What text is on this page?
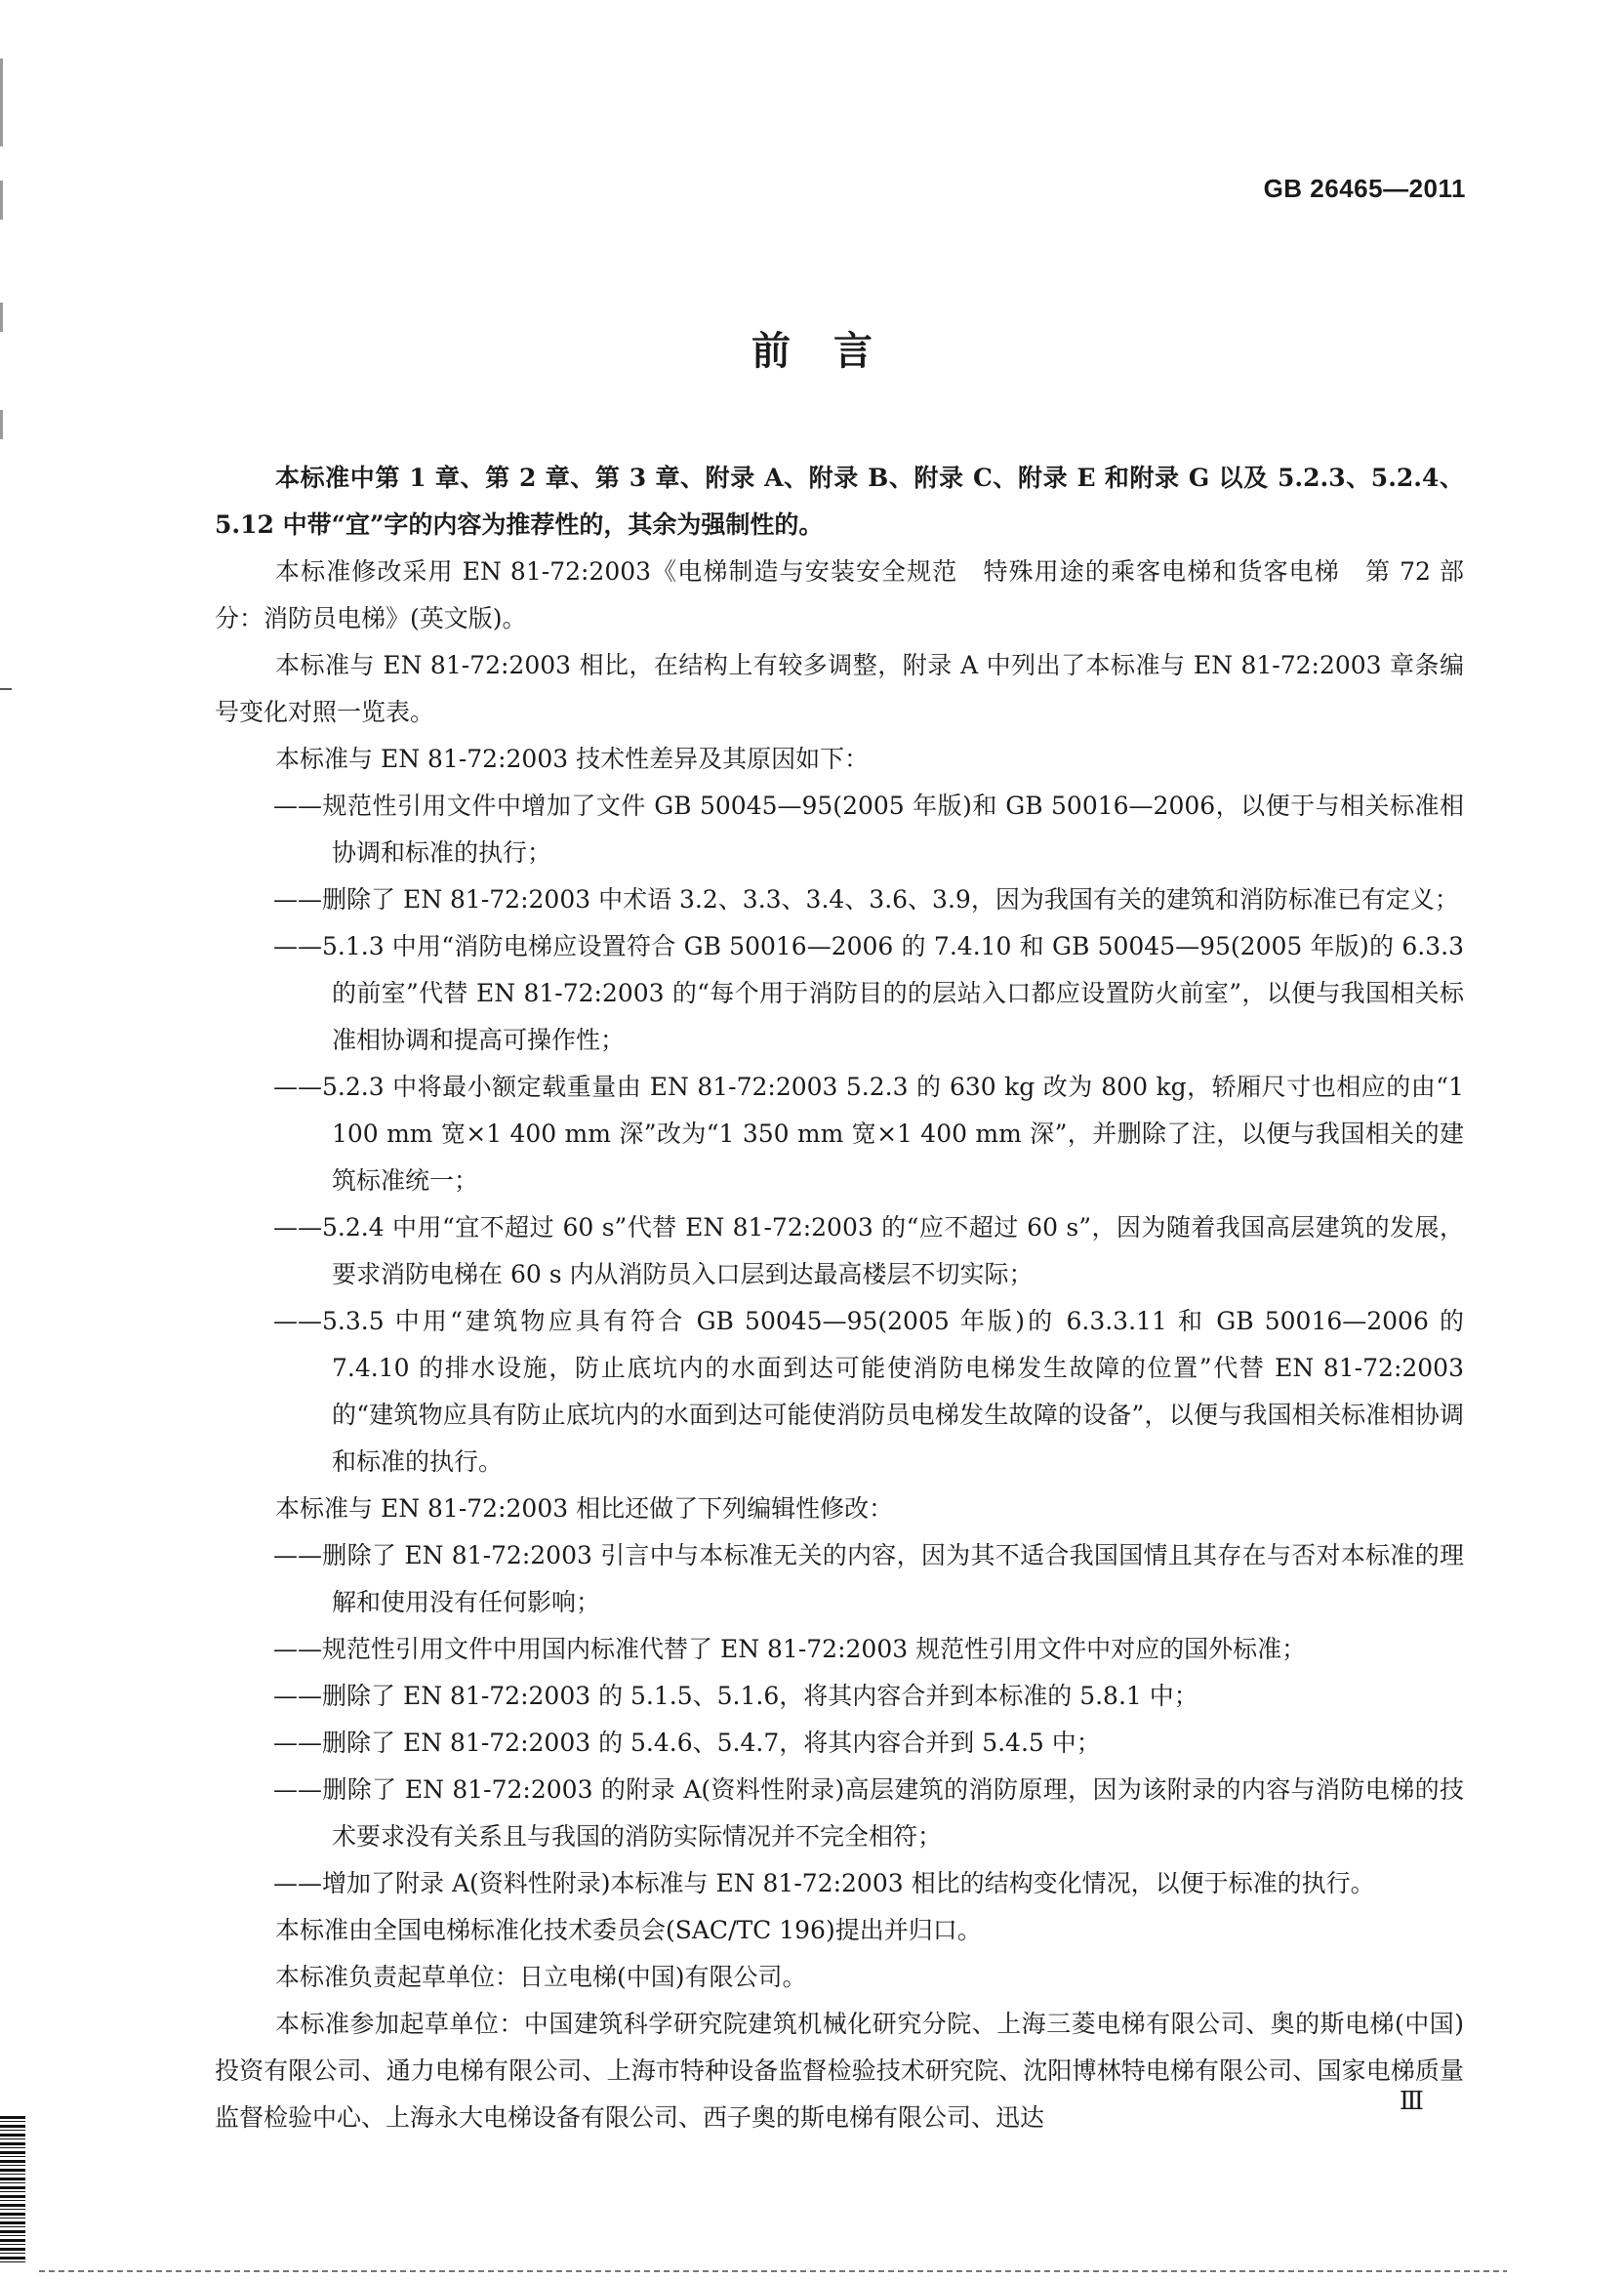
GB 26465—2011
前言

本标准中第 1 章、第 2 章、第 3 章、附录 A、附录 B、附录 C、附录 E 和附录 G 以及 5.2.3、5.2.4、5.12 中带“宜”字的内容为推荐性的，其余为强制性的。

本标准修改采用 EN 81-72:2003《电梯制造与安装安全规范　特殊用途的乘客电梯和货客电梯　第 72 部分：消防员电梯》(英文版)。

本标准与 EN 81-72:2003 相比，在结构上有较多调整，附录 A 中列出了本标准与 EN 81-72:2003 章条编号变化对照一览表。

本标准与 EN 81-72:2003 技术性差异及其原因如下：

——规范性引用文件中增加了文件 GB 50045—95(2005 年版)和 GB 50016—2006，以便于与相关标准相协调和标准的执行；

——删除了 EN 81-72:2003 中术语 3.2、3.3、3.4、3.6、3.9，因为我国有关的建筑和消防标准已有定义；

——5.1.3 中用“消防电梯应设置符合 GB 50016—2006 的 7.4.10 和 GB 50045—95(2005 年版)的 6.3.3 的前室”代替 EN 81-72:2003 的“每个用于消防目的的层站入口都应设置防火前室”，以便与我国相关标准相协调和提高可操作性；

——5.2.3 中将最小额定载重量由 EN 81-72:2003 5.2.3 的 630 kg 改为 800 kg，轿厢尺寸也相应的由“1 100 mm 宽×1 400 mm 深”改为“1 350 mm 宽×1 400 mm 深”，并删除了注，以便与我国相关的建筑标准统一；

——5.2.4 中用“宜不超过 60 s”代替 EN 81-72:2003 的“应不超过 60 s”，因为随着我国高层建筑的发展，要求消防电梯在 60 s 内从消防员入口层到达最高楼层不切实际；

——5.3.5 中用“建筑物应具有符合 GB 50045—95(2005 年版)的 6.3.3.11 和 GB 50016—2006 的 7.4.10 的排水设施，防止底坑内的水面到达可能使消防电梯发生故障的位置”代替 EN 81-72:2003 的“建筑物应具有防止底坑内的水面到达可能使消防员电梯发生故障的设备”，以便与我国相关标准相协调和标准的执行。

本标准与 EN 81-72:2003 相比还做了下列编辑性修改：

——删除了 EN 81-72:2003 引言中与本标准无关的内容，因为其不适合我国国情且其存在与否对本标准的理解和使用没有任何影响；

——规范性引用文件中用国内标准代替了 EN 81-72:2003 规范性引用文件中对应的国外标准；

——删除了 EN 81-72:2003 的 5.1.5、5.1.6，将其内容合并到本标准的 5.8.1 中；

——删除了 EN 81-72:2003 的 5.4.6、5.4.7，将其内容合并到 5.4.5 中；

——删除了 EN 81-72:2003 的附录 A(资料性附录)高层建筑的消防原理，因为该附录的内容与消防电梯的技术要求没有关系且与我国的消防实际情况并不完全相符；

——增加了附录 A(资料性附录)本标准与 EN 81-72:2003 相比的结构变化情况，以便于标准的执行。

本标准由全国电梯标准化技术委员会(SAC/TC 196)提出并归口。

本标准负责起草单位：日立电梯(中国)有限公司。

本标准参加起草单位：中国建筑科学研究院建筑机械化研究分院、上海三菱电梯有限公司、奥的斯电梯(中国)投资有限公司、通力电梯有限公司、上海市特种设备监督检验技术研究院、沈阳博林特电梯有限公司、国家电梯质量监督检验中心、上海永大电梯设备有限公司、西子奥的斯电梯有限公司、迅达

Ⅲ
